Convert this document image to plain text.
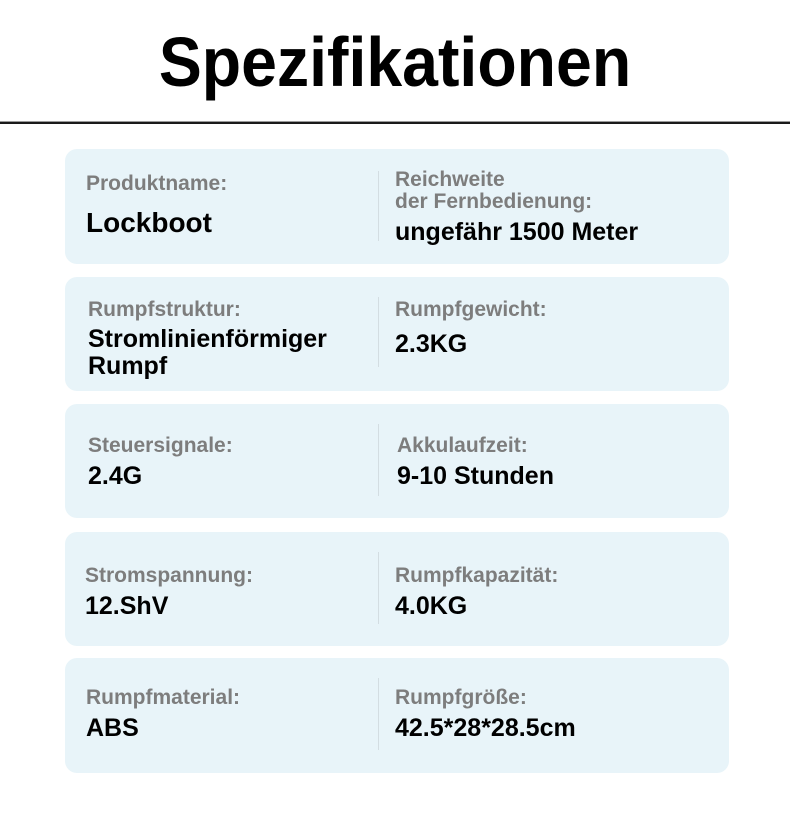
Spezifikationen
Produktname:
Lockboot
Reichweite
der Fernbedienung:
ungefähr 1500 Meter
Rumpfstruktur:
Stromlinienförmiger
Rumpf
Rumpfgewicht:
2.3KG
Steuersignale:
2.4G
Akkulaufzeit:
9-10 Stunden
Stromspannung:
12.ShV
Rumpfkapazität:
4.0KG
Rumpfmaterial:
ABS
Rumpfgröße:
42.5*28*28.5cm
